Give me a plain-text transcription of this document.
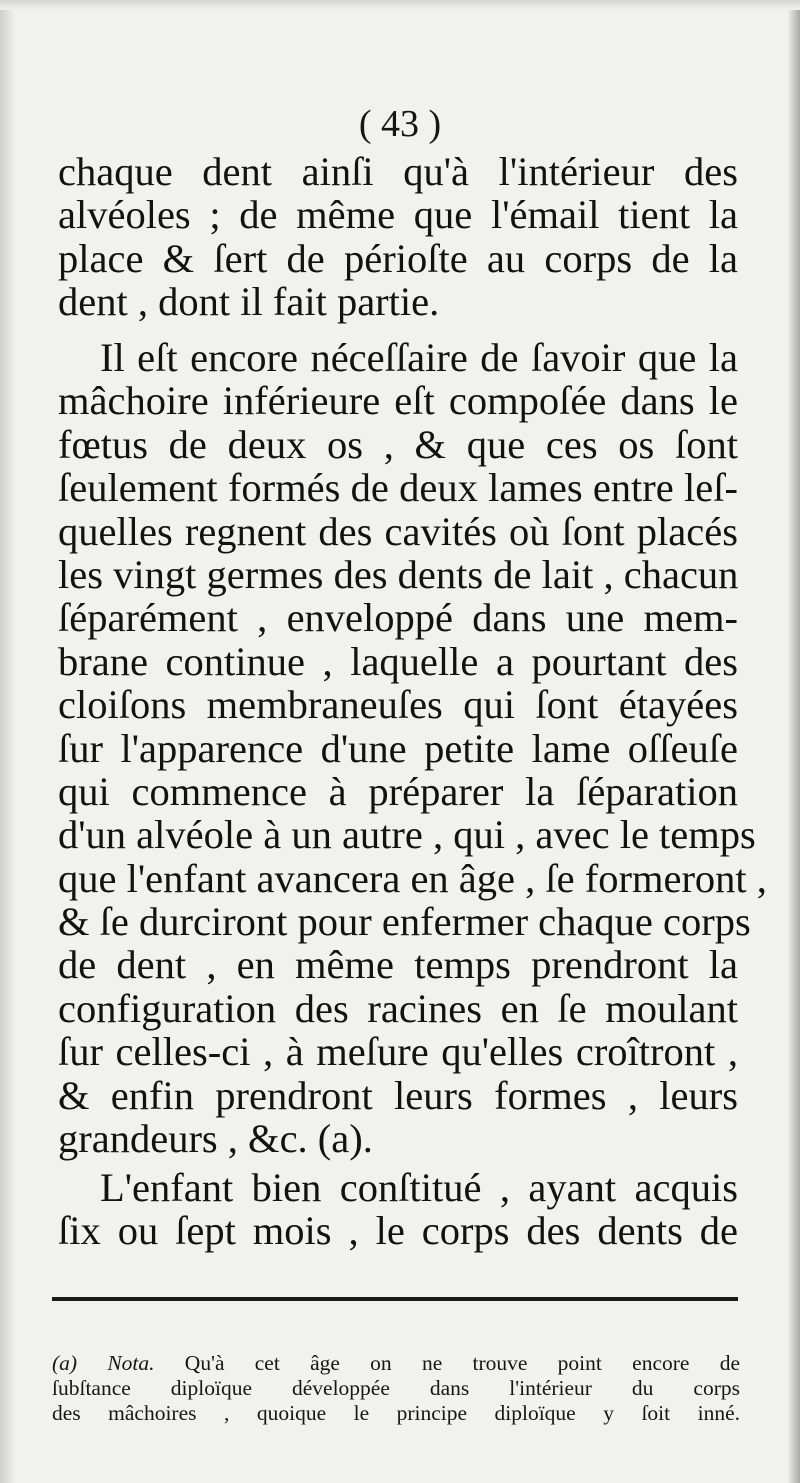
( 43 )
chaque dent ainſi qu'à l'intérieur des
alvéoles ; de même que l'émail tient la
place & ſert de périoſte au corps de la
dent , dont il fait partie.
Il eſt encore néceſſaire de ſavoir que la
mâchoire inférieure eſt compoſée dans le
fœtus de deux os , & que ces os ſont
ſeulement formés de deux lames entre leſ-
quelles regnent des cavités où ſont placés
les vingt germes des dents de lait , chacun
ſéparément , enveloppé dans une mem-
brane continue , laquelle a pourtant des
cloiſons membraneuſes qui ſont étayées
ſur l'apparence d'une petite lame oſſeuſe
qui commence à préparer la ſéparation
d'un alvéole à un autre , qui , avec le temps
que l'enfant avancera en âge , ſe formeront ,
& ſe durciront pour enfermer chaque corps
de dent , en même temps prendront la
configuration des racines en ſe moulant
ſur celles-ci , à meſure qu'elles croîtront ,
& enfin prendront leurs formes , leurs
grandeurs , &c. (a).
L'enfant bien conſtitué , ayant acquis
ſix ou ſept mois , le corps des dents de
(a) Nota. Qu'à cet âge on ne trouve point encore de
ſubſtance diploïque développée dans l'intérieur du corps
des mâchoires , quoique le principe diploïque y ſoit inné.
